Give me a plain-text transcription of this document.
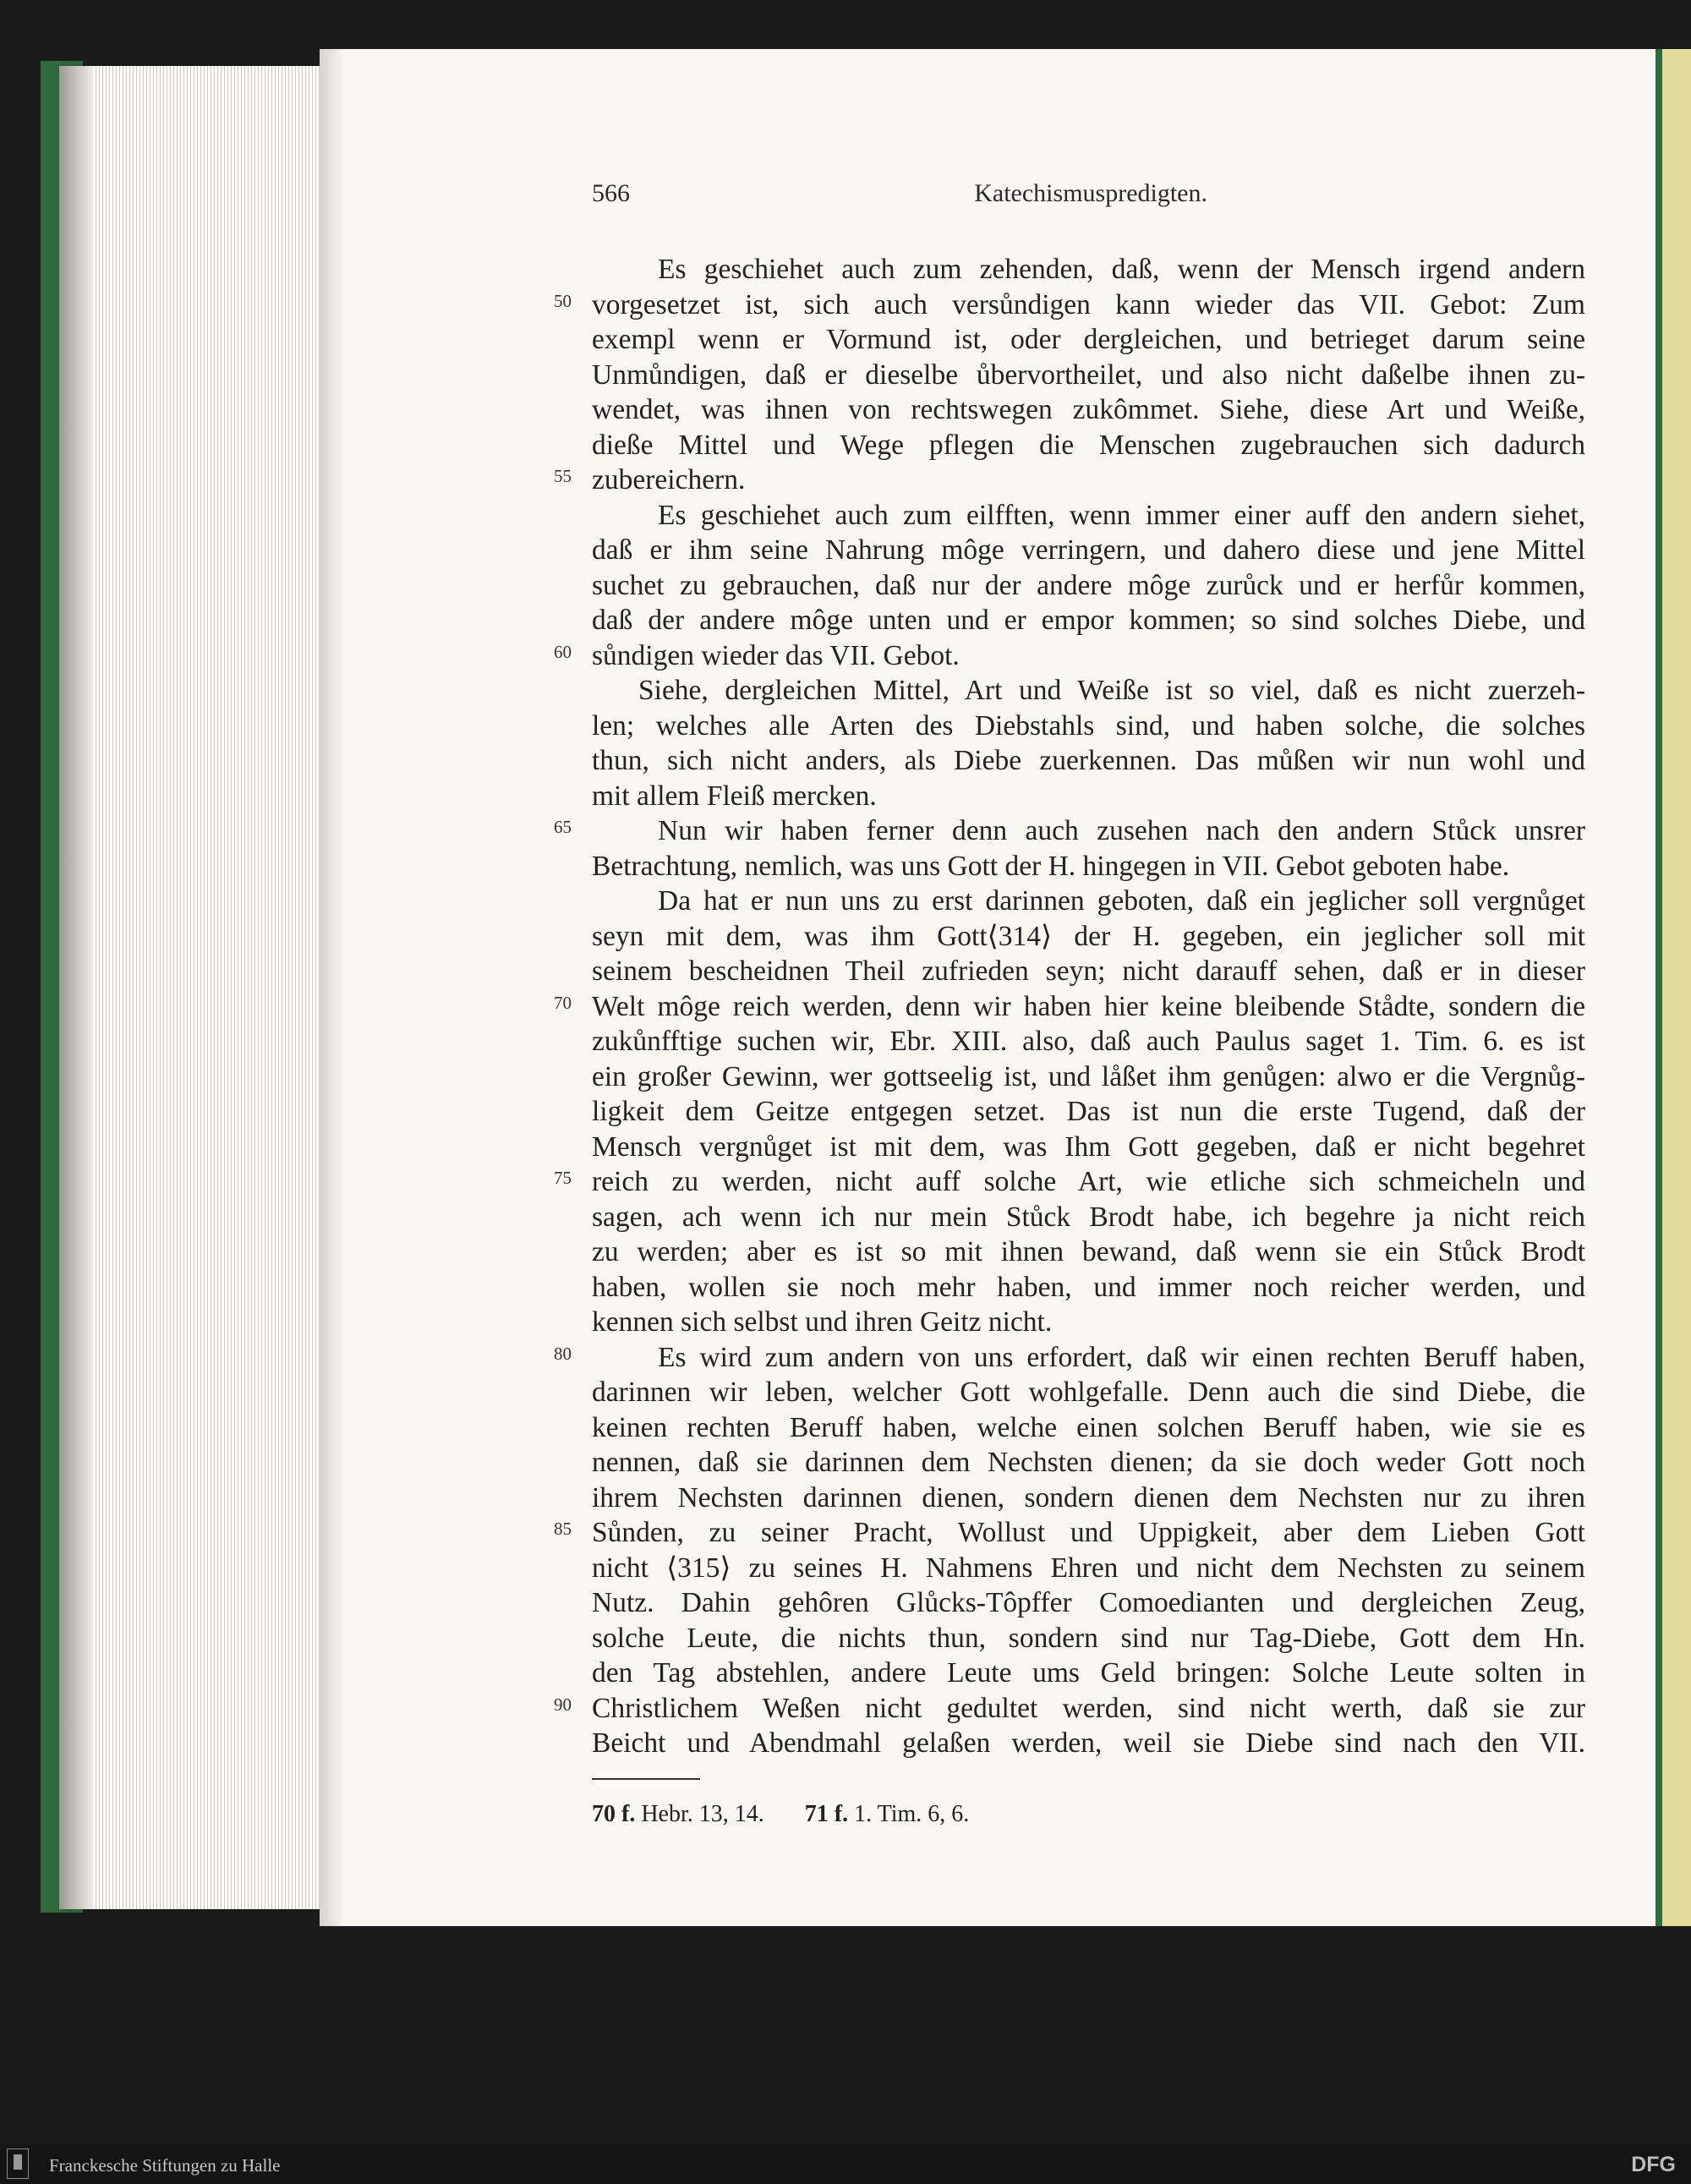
566	Katechismuspredigten.
50
55
60
65
70
75
80
85
90
Es geschiehet auch zum zehenden, daß, wenn der Mensch irgend andern
vorgesetzet ist, sich auch versůndigen kann wieder das VII. Gebot: Zum
exempl wenn er Vormund ist, oder dergleichen, und betrieget darum seine
Unmůndigen, daß er dieselbe ůbervortheilet, und also nicht daßelbe ihnen zu-
wendet, was ihnen von rechtswegen zukômmet. Siehe, diese Art und Weiße,
dieße Mittel und Wege pflegen die Menschen zugebrauchen sich dadurch
zubereichern.
Es geschiehet auch zum eilfften, wenn immer einer auff den andern siehet,
daß er ihm seine Nahrung môge verringern, und dahero diese und jene Mittel
suchet zu gebrauchen, daß nur der andere môge zurůck und er herfůr kommen,
daß der andere môge unten und er empor kommen; so sind solches Diebe, und
sůndigen wieder das VII. Gebot.
Siehe, dergleichen Mittel, Art und Weiße ist so viel, daß es nicht zuerzeh-
len; welches alle Arten des Diebstahls sind, und haben solche, die solches
thun, sich nicht anders, als Diebe zuerkennen. Das můßen wir nun wohl und
mit allem Fleiß mercken.
Nun wir haben ferner denn auch zusehen nach den andern Stůck unsrer
Betrachtung, nemlich, was uns Gott der H. hingegen in VII. Gebot geboten habe.
Da hat er nun uns zu erst darinnen geboten, daß ein jeglicher soll vergnůget
seyn mit dem, was ihm Gott⟨314⟩ der H. gegeben, ein jeglicher soll mit
seinem bescheidnen Theil zufrieden seyn; nicht darauff sehen, daß er in dieser
Welt môge reich werden, denn wir haben hier keine bleibende Stådte, sondern die
zukůnfftige suchen wir, Ebr. XIII. also, daß auch Paulus saget 1. Tim. 6. es ist
ein großer Gewinn, wer gottseelig ist, und låßet ihm genůgen: alwo er die Vergnůg-
ligkeit dem Geitze entgegen setzet. Das ist nun die erste Tugend, daß der
Mensch vergnůget ist mit dem, was Ihm Gott gegeben, daß er nicht begehret
reich zu werden, nicht auff solche Art, wie etliche sich schmeicheln und
sagen, ach wenn ich nur mein Stůck Brodt habe, ich begehre ja nicht reich
zu werden; aber es ist so mit ihnen bewand, daß wenn sie ein Stůck Brodt
haben, wollen sie noch mehr haben, und immer noch reicher werden, und
kennen sich selbst und ihren Geitz nicht.
Es wird zum andern von uns erfordert, daß wir einen rechten Beruff haben,
darinnen wir leben, welcher Gott wohlgefalle. Denn auch die sind Diebe, die
keinen rechten Beruff haben, welche einen solchen Beruff haben, wie sie es
nennen, daß sie darinnen dem Nechsten dienen; da sie doch weder Gott noch
ihrem Nechsten darinnen dienen, sondern dienen dem Nechsten nur zu ihren
Sůnden, zu seiner Pracht, Wollust und Uppigkeit, aber dem Lieben Gott
nicht ⟨315⟩ zu seines H. Nahmens Ehren und nicht dem Nechsten zu seinem
Nutz. Dahin gehôren Glůcks-Tôpffer Comoedianten und dergleichen Zeug,
solche Leute, die nichts thun, sondern sind nur Tag-Diebe, Gott dem Hn.
den Tag abstehlen, andere Leute ums Geld bringen: Solche Leute solten in
Christlichem Weßen nicht gedultet werden, sind nicht werth, daß sie zur
Beicht und Abendmahl gelaßen werden, weil sie Diebe sind nach den VII.
70 f. Hebr. 13, 14. 71 f. 1. Tim. 6, 6.
Franckesche Stiftungen zu Halle	DFG
